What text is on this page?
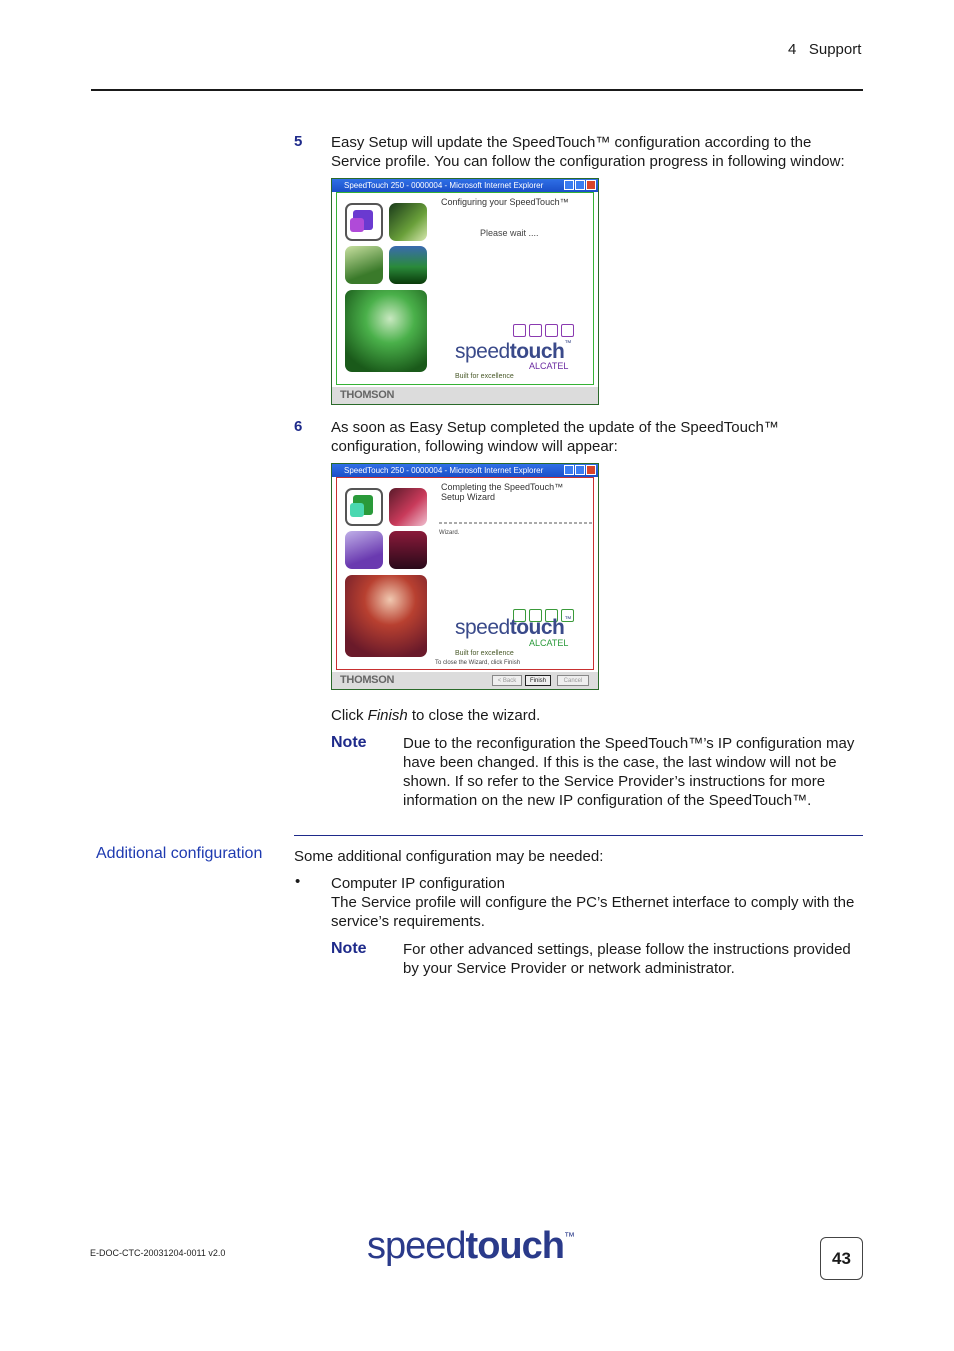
4 Support
5 Easy Setup will update the SpeedTouch™ configuration according to the Service profile. You can follow the configuration progress in following window:
SpeedTouch 250 - 0000004 - Microsoft Internet Explorer
Configuring your SpeedTouch™
Please wait ....
speedtouch™
ALCATEL
Built for excellence
THOMSON
6 As soon as Easy Setup completed the update of the SpeedTouch™ configuration, following window will appear:
SpeedTouch 250 - 0000004 - Microsoft Internet Explorer
Completing the SpeedTouch™
Setup Wizard
Wizard.
speedtouch™
ALCATEL
Built for excellence
To close the Wizard, click Finish
THOMSON	< Back	Finish	Cancel
Click Finish to close the wizard.
Note Due to the reconfiguration the SpeedTouch™’s IP configuration may have been changed. If this is the case, the last window will not be shown. If so refer to the Service Provider’s instructions for more information on the new IP configuration of the SpeedTouch™.
Additional configuration Some additional configuration may be needed:
• Computer IP configuration
The Service profile will configure the PC’s Ethernet interface to comply with the service’s requirements.
Note For other advanced settings, please follow the instructions provided by your Service Provider or network administrator.
E-DOC-CTC-20031204-0011 v2.0	speedtouch™
43
